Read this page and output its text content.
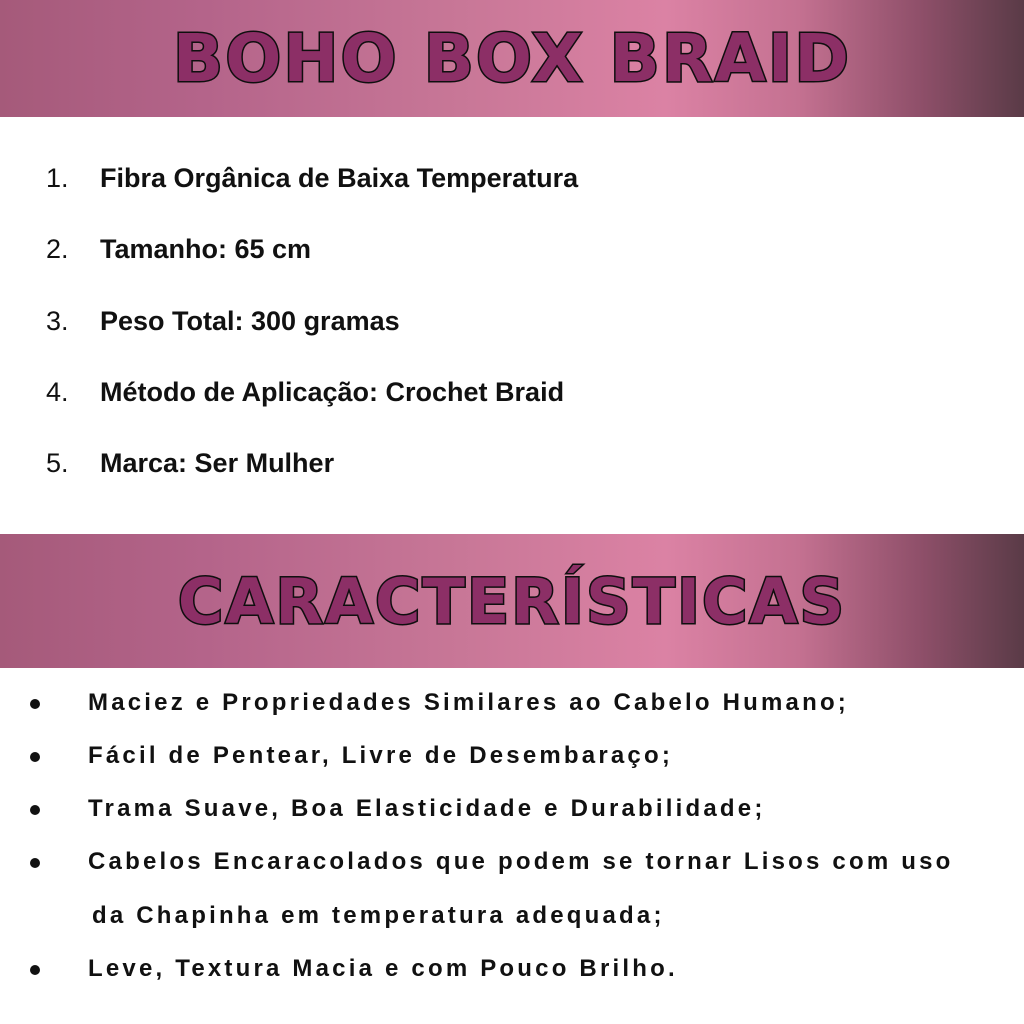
BOHO BOX BRAID
1. Fibra Orgânica de Baixa Temperatura
2. Tamanho: 65 cm
3. Peso Total: 300 gramas
4. Método de Aplicação: Crochet Braid
5. Marca: Ser Mulher
CARACTERÍSTICAS
Maciez e Propriedades Similares ao Cabelo Humano;
Fácil de Pentear, Livre de Desembaraço;
Trama Suave, Boa Elasticidade e Durabilidade;
Cabelos Encaracolados que podem se tornar Lisos com uso
da Chapinha em temperatura adequada;
Leve, Textura Macia e com Pouco Brilho.
